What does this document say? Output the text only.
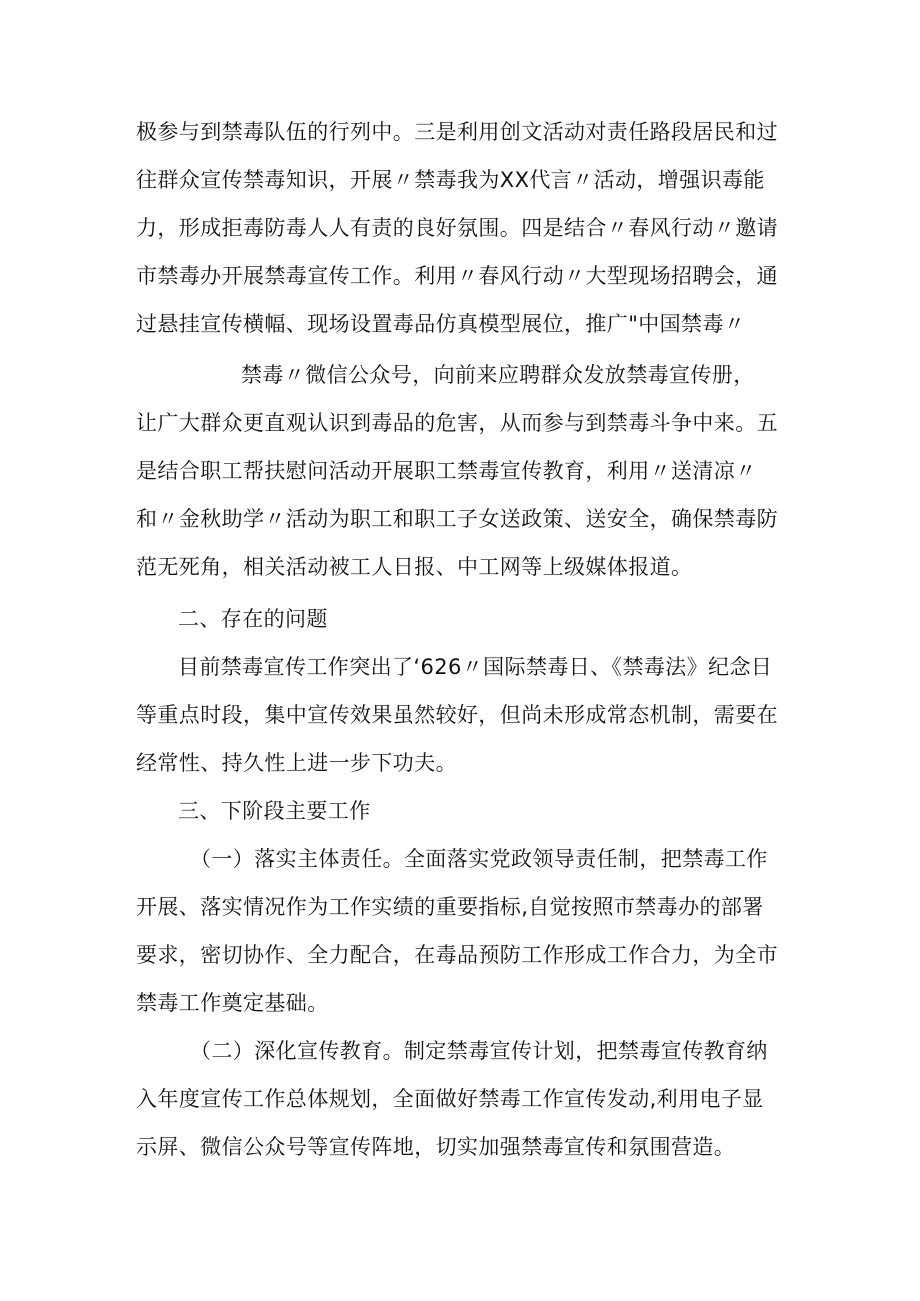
极参与到禁毒队伍的行列中。三是利用创文活动对责任路段居民和过
往群众宣传禁毒知识，开展〃禁毒我为XX代言〃活动，增强识毒能
力，形成拒毒防毒人人有责的良好氛围。四是结合〃春风行动〃邀请
市禁毒办开展禁毒宣传工作。利用〃春风行动〃大型现场招聘会，通
过悬挂宣传横幅、现场设置毒品仿真模型展位，推广"中国禁毒〃
禁毒〃微信公众号，向前来应聘群众发放禁毒宣传册，
让广大群众更直观认识到毒品的危害，从而参与到禁毒斗争中来。五
是结合职工帮扶慰问活动开展职工禁毒宣传教育，利用〃送清凉〃
和〃金秋助学〃活动为职工和职工子女送政策、送安全，确保禁毒防
范无死角，相关活动被工人日报、中工网等上级媒体报道。
二、存在的问题
目前禁毒宣传工作突出了‘626〃国际禁毒日、《禁毒法》纪念日
等重点时段，集中宣传效果虽然较好，但尚未形成常态机制，需要在
经常性、持久性上进一步下功夫。
三、下阶段主要工作
（一）落实主体责任。全面落实党政领导责任制，把禁毒工作
开展、落实情况作为工作实绩的重要指标,自觉按照市禁毒办的部署
要求，密切协作、全力配合，在毒品预防工作形成工作合力，为全市
禁毒工作奠定基础。
（二）深化宣传教育。制定禁毒宣传计划，把禁毒宣传教育纳
入年度宣传工作总体规划，全面做好禁毒工作宣传发动,利用电子显
示屏、微信公众号等宣传阵地，切实加强禁毒宣传和氛围营造。
